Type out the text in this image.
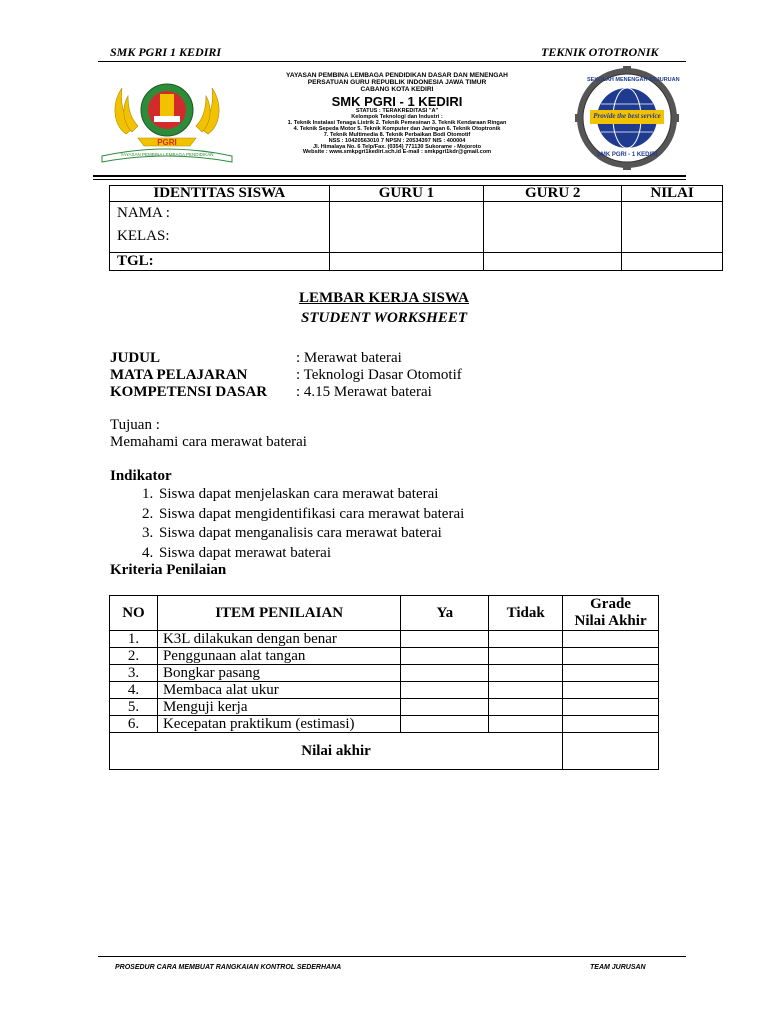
SMK PGRI 1 KEDIRI	TEKNIK OTOTRONIK
PGRI
YAYASAN PEMBINA LEMBAGA PENDIDIKAN
YAYASAN PEMBINA LEMBAGA PENDIDIKAN DASAR DAN MENENGAH
PERSATUAN GURU REPUBLIK INDONESIA JAWA TIMUR
CABANG KOTA KEDIRI
SMK PGRI - 1 KEDIRI
STATUS : TERAKREDITASI "A"
Kelompok Teknologi dan Industri :
1. Teknik Instalasi Tenaga Listrik 2. Teknik Pemesinan 3. Teknik Kendaraan Ringan
4. Teknik Sepeda Motor 5. Teknik Komputer dan Jaringan 6. Teknik Otoptronik
7. Teknik Multimedia 8. Teknik Perbaikan Bodi Otomotif
NSS : 10420563010 7 NPSN : 20534397 NIS : 400004
Jl. Himalaya No. 6 Telp/Fax. (0354) 771130 Sukorame - Mojoroto
Website : www.smkpgri1kediri.sch.id E-mail : smkpgri1kdr@gmail.com
Provide the best service
SEKOLAH MENENGAH KEJURUAN
SMK PGRI - 1 KEDIRI
IDENTITAS SISWA	GURU 1	GURU 2	NILAI

NAMA :
KELAS:			

TGL:			
LEMBAR KERJA SISWA
STUDENT WORKSHEET
JUDUL	: Merawat baterai
MATA PELAJARAN	: Teknologi Dasar Otomotif
KOMPETENSI DASAR : 4.15 Merawat baterai
Tujuan :
Memahami cara merawat baterai
Indikator
1. Siswa dapat menjelaskan cara merawat baterai
2. Siswa dapat mengidentifikasi cara merawat baterai
3. Siswa dapat menganalisis cara merawat baterai
4. Siswa dapat merawat baterai
Kriteria Penilaian
NO	ITEM PENILAIAN	Ya	Tidak	Grade
Nilai Akhir

1.	K3L dilakukan dengan benar			
2.	Penggunaan alat tangan			
3.	Bongkar pasang			
4.	Membaca alat ukur			
5.	Menguji kerja			
6.	Kecepatan praktikum (estimasi)			
Nilai akhir				
PROSEDUR CARA MEMBUAT RANGKAIAN KONTROL SEDERHANA	TEAM JURUSAN
